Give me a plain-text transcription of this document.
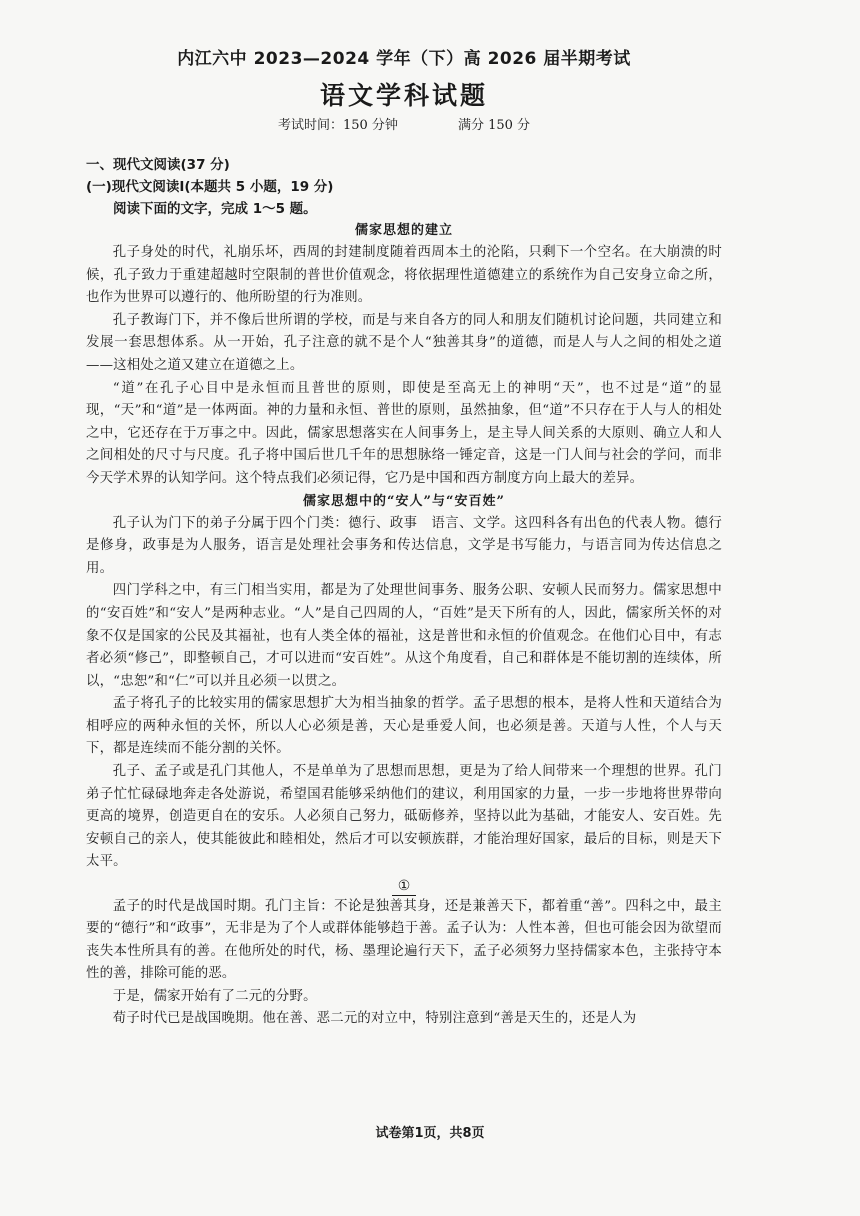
内江六中 2023—2024 学年（下）高 2026 届半期考试
语文学科试题

考试时间：150 分钟	满分 150 分

一、现代文阅读(37 分)

(一)现代文阅读Ⅰ(本题共 5 小题，19 分)

阅读下面的文字，完成 1～5 题。

儒家思想的建立

孔子身处的时代，礼崩乐坏，西周的封建制度随着西周本土的沦陷，只剩下一个空名。在大崩溃的时候，孔子致力于重建超越时空限制的普世价值观念，将依据理性道德建立的系统作为自己安身立命之所，也作为世界可以遵行的、他所盼望的行为准则。

孔子教诲门下，并不像后世所谓的学校，而是与来自各方的同人和朋友们随机讨论问题，共同建立和发展一套思想体系。从一开始，孔子注意的就不是个人“独善其身”的道德，而是人与人之间的相处之道——这相处之道又建立在道德之上。

“道”在孔子心目中是永恒而且普世的原则，即使是至高无上的神明“天”，也不过是“道”的显现，“天”和“道”是一体两面。神的力量和永恒、普世的原则，虽然抽象，但“道”不只存在于人与人的相处之中，它还存在于万事之中。因此，儒家思想落实在人间事务上，是主导人间关系的大原则、确立人和人之间相处的尺寸与尺度。孔子将中国后世几千年的思想脉络一锤定音，这是一门人间与社会的学问，而非今天学术界的认知学问。这个特点我们必须记得，它乃是中国和西方制度方向上最大的差异。

儒家思想中的“安人”与“安百姓”

孔子认为门下的弟子分属于四个门类：德行、政事　语言、文学。这四科各有出色的代表人物。德行是修身，政事是为人服务，语言是处理社会事务和传达信息，文学是书写能力，与语言同为传达信息之用。

四门学科之中，有三门相当实用，都是为了处理世间事务、服务公职、安顿人民而努力。儒家思想中的“安百姓”和“安人”是两种志业。“人”是自己四周的人，“百姓”是天下所有的人，因此，儒家所关怀的对象不仅是国家的公民及其福祉，也有人类全体的福祉，这是普世和永恒的价值观念。在他们心目中，有志者必须“修己”，即整顿自己，才可以进而“安百姓”。从这个角度看，自己和群体是不能切割的连续体，所以，“忠恕”和“仁”可以并且必须一以贯之。

孟子将孔子的比较实用的儒家思想扩大为相当抽象的哲学。孟子思想的根本，是将人性和天道结合为相呼应的两种永恒的关怀，所以人心必须是善，天心是垂爱人间，也必须是善。天道与人性，个人与天下，都是连续而不能分割的关怀。

孔子、孟子或是孔门其他人，不是单单为了思想而思想，更是为了给人间带来一个理想的世界。孔门弟子忙忙碌碌地奔走各处游说，希望国君能够采纳他们的建议，利用国家的力量，一步一步地将世界带向更高的境界，创造更自在的安乐。人必须自己努力，砥砺修养，坚持以此为基础，才能安人、安百姓。先安顿自己的亲人，使其能彼此和睦相处，然后才可以安顿族群，才能治理好国家，最后的目标，则是天下太平。

①

孟子的时代是战国时期。孔门主旨：不论是独善其身，还是兼善天下，都着重“善”。四科之中，最主要的“德行”和“政事”，无非是为了个人或群体能够趋于善。孟子认为：人性本善，但也可能会因为欲望而丧失本性所具有的善。在他所处的时代，杨、墨理论遍行天下，孟子必须努力坚持儒家本色，主张持守本性的善，排除可能的恶。

于是，儒家开始有了二元的分野。

荀子时代已是战国晚期。他在善、恶二元的对立中，特别注意到“善是天生的，还是人为

试卷第1页，共8页
